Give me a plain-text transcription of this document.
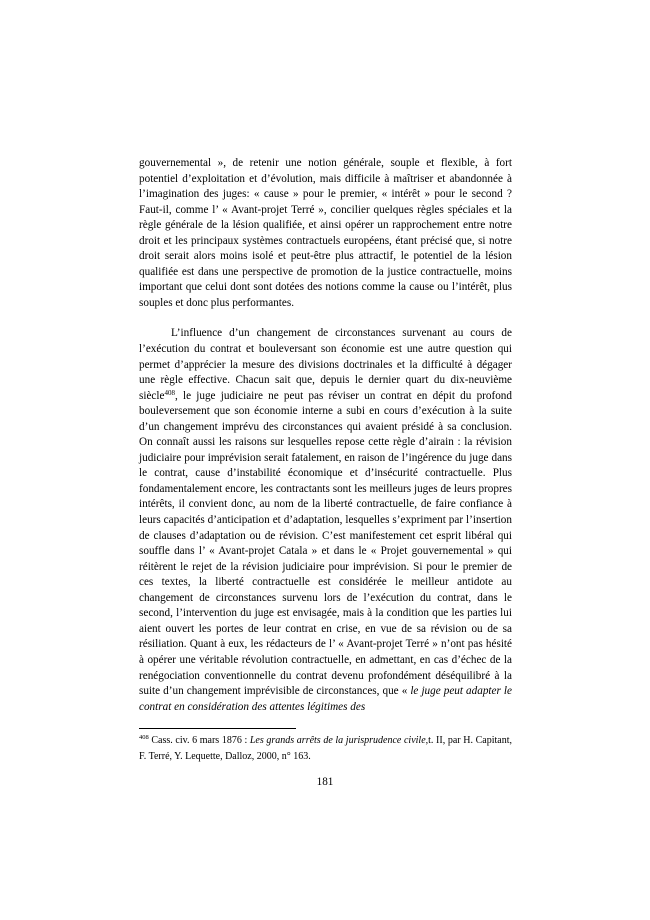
gouvernemental », de retenir une notion générale, souple et flexible, à fort potentiel d’exploitation et d’évolution, mais difficile à maîtriser et abandonnée à l’imagination des juges: « cause » pour le premier, « intérêt » pour le second ? Faut-il, comme l’ « Avant-projet Terré », concilier quelques règles spéciales et la règle générale de la lésion qualifiée, et ainsi opérer un rapprochement entre notre droit et les principaux systèmes contractuels européens, étant précisé que, si notre droit serait alors moins isolé et peut-être plus attractif, le potentiel de la lésion qualifiée est dans une perspective de promotion de la justice contractuelle, moins important que celui dont sont dotées des notions comme la cause ou l’intérêt, plus souples et donc plus performantes.

L’influence d’un changement de circonstances survenant au cours de l’exécution du contrat et bouleversant son économie est une autre question qui permet d’apprécier la mesure des divisions doctrinales et la difficulté à dégager une règle effective. Chacun sait que, depuis le dernier quart du dix-neuvième siècle$^{408}$, le juge judiciaire ne peut pas réviser un contrat en dépit du profond bouleversement que son économie interne a subi en cours d’exécution à la suite d’un changement imprévu des circonstances qui avaient présidé à sa conclusion. On connaît aussi les raisons sur lesquelles repose cette règle d’airain : la révision judiciaire pour imprévision serait fatalement, en raison de l’ingérence du juge dans le contrat, cause d’instabilité économique et d’insécurité contractuelle. Plus fondamentalement encore, les contractants sont les meilleurs juges de leurs propres intérêts, il convient donc, au nom de la liberté contractuelle, de faire confiance à leurs capacités d’anticipation et d’adaptation, lesquelles s’expriment par l’insertion de clauses d’adaptation ou de révision. C’est manifestement cet esprit libéral qui souffle dans l’ « Avant-projet Catala » et dans le « Projet gouvernemental » qui réitèrent le rejet de la révision judiciaire pour imprévision. Si pour le premier de ces textes, la liberté contractuelle est considérée le meilleur antidote au changement de circonstances survenu lors de l’exécution du contrat, dans le second, l’intervention du juge est envisagée, mais à la condition que les parties lui aient ouvert les portes de leur contrat en crise, en vue de sa révision ou de sa résiliation. Quant à eux, les rédacteurs de l’ « Avant-projet Terré » n’ont pas hésité à opérer une véritable révolution contractuelle, en admettant, en cas d’échec de la renégociation conventionnelle du contrat devenu profondément déséquilibré à la suite d’un changement imprévisible de circonstances, que « le juge peut adapter le contrat en considération des attentes légitimes des

$^{408}$ Cass. civ. 6 mars 1876 : Les grands arrêts de la jurisprudence civile,t. II, par H. Capitant, F. Terré, Y. Lequette, Dalloz, 2000, n° 163.

181
